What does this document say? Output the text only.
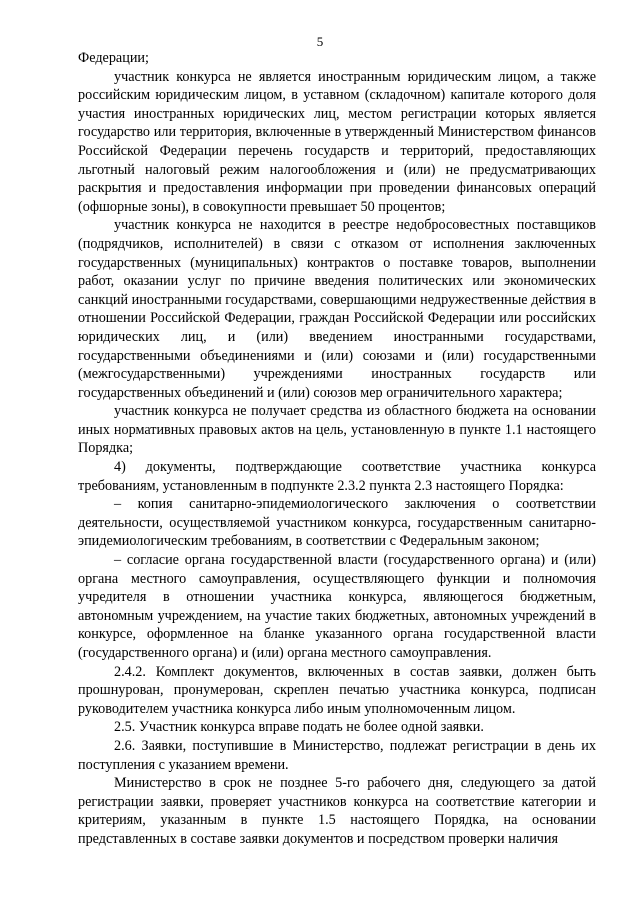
5

Федерации;

участник конкурса не является иностранным юридическим лицом, а также российским юридическим лицом, в уставном (складочном) капитале которого доля участия иностранных юридических лиц, местом регистрации которых является государство или территория, включенные в утвержденный Министерством финансов Российской Федерации перечень государств и территорий, предоставляющих льготный налоговый режим налогообложения и (или) не предусматривающих раскрытия и предоставления информации при проведении финансовых операций (офшорные зоны), в совокупности превышает 50 процентов;

участник конкурса не находится в реестре недобросовестных поставщиков (подрядчиков, исполнителей) в связи с отказом от исполнения заключенных государственных (муниципальных) контрактов о поставке товаров, выполнении работ, оказании услуг по причине введения политических или экономических санкций иностранными государствами, совершающими недружественные действия в отношении Российской Федерации, граждан Российской Федерации или российских юридических лиц, и (или) введением иностранными государствами, государственными объединениями и (или) союзами и (или) государственными (межгосударственными) учреждениями иностранных государств или государственных объединений и (или) союзов мер ограничительного характера;

участник конкурса не получает средства из областного бюджета на основании иных нормативных правовых актов на цель, установленную в пункте 1.1 настоящего Порядка;

4) документы, подтверждающие соответствие участника конкурса требованиям, установленным в подпункте 2.3.2 пункта 2.3 настоящего Порядка:

– копия санитарно-эпидемиологического заключения о соответствии деятельности, осуществляемой участником конкурса, государственным санитарно-эпидемиологическим требованиям, в соответствии с Федеральным законом;

– согласие органа государственной власти (государственного органа) и (или) органа местного самоуправления, осуществляющего функции и полномочия учредителя в отношении участника конкурса, являющегося бюджетным, автономным учреждением, на участие таких бюджетных, автономных учреждений в конкурсе, оформленное на бланке указанного органа государственной власти (государственного органа) и (или) органа местного самоуправления.

2.4.2. Комплект документов, включенных в состав заявки, должен быть прошнурован, пронумерован, скреплен печатью участника конкурса, подписан руководителем участника конкурса либо иным уполномоченным лицом.

2.5. Участник конкурса вправе подать не более одной заявки.

2.6. Заявки, поступившие в Министерство, подлежат регистрации в день их поступления с указанием времени.

Министерство в срок не позднее 5-го рабочего дня, следующего за датой регистрации заявки, проверяет участников конкурса на соответствие категории и критериям, указанным в пункте 1.5 настоящего Порядка, на основании представленных в составе заявки документов и посредством проверки наличия
